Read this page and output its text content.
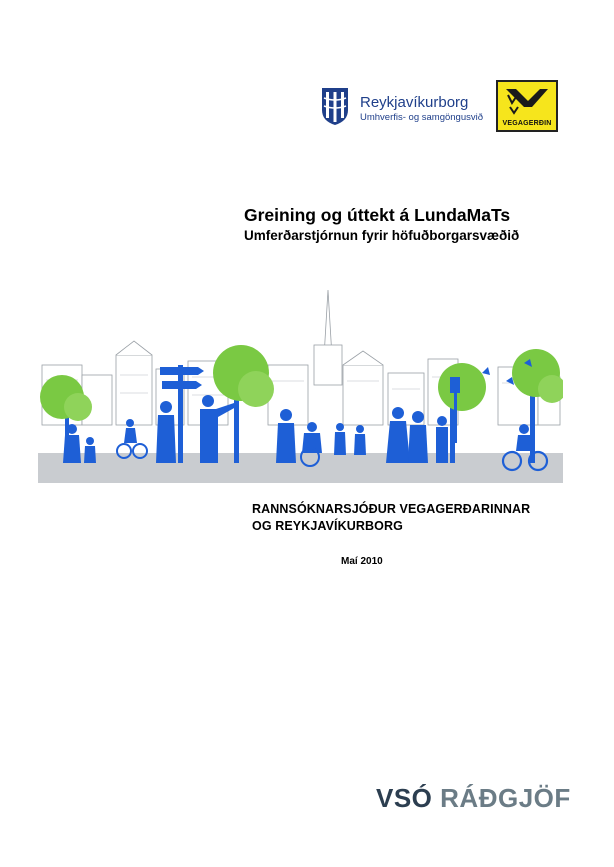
Reykjavíkurborg
Umhverfis- og samgöngusvið
VEGAGERÐIN
Greining og úttekt á LundaMaTs
Umferðarstjórnun fyrir höfuðborgarsvæðið
RANNSÓKNARSJÓÐUR VEGAGERÐARINNAR
OG REYKJAVÍKURBORG
Maí 2010
VSÓ RÁÐGJÖF
